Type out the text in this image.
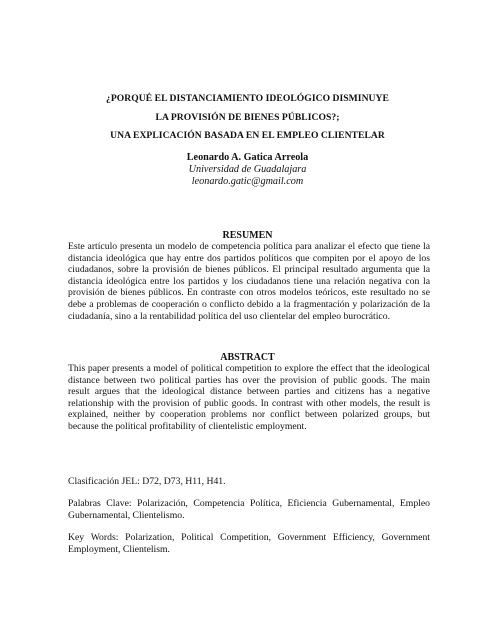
¿PORQUÉ EL DISTANCIAMIENTO IDEOLÓGICO DISMINUYE
LA PROVISIÓN DE BIENES PÚBLICOS?;
UNA EXPLICACIÓN BASADA EN EL EMPLEO CLIENTELAR
Leonardo A. Gatica Arreola
Universidad de Guadalajara
leonardo.gatic@gmail.com
RESUMEN
Este artículo presenta un modelo de competencia política para analizar el efecto que tiene la distancia ideológica que hay entre dos partidos políticos que compiten por el apoyo de los ciudadanos, sobre la provisión de bienes públicos. El principal resultado argumenta que la distancia ideológica entre los partidos y los ciudadanos tiene una relación negativa con la provisión de bienes públicos. En contraste con otros modelos teóricos, este resultado no se debe a problemas de cooperación o conflicto debido a la fragmentación y polarización de la ciudadanía, sino a la rentabilidad política del uso clientelar del empleo burocrático.
ABSTRACT
This paper presents a model of political competition to explore the effect that the ideological distance between two political parties has over the provision of public goods. The main result argues that the ideological distance between parties and citizens has a negative relationship with the provision of public goods. In contrast with other models, the result is explained, neither by cooperation problems nor conflict between polarized groups, but because the political profitability of clientelistic employment.
Clasificación JEL: D72, D73, H11, H41.
Palabras Clave: Polarización, Competencia Política, Eficiencia Gubernamental, Empleo Gubernamental, Clientelismo.
Key Words: Polarization, Political Competition, Government Efficiency, Government Employment, Clientelism.
